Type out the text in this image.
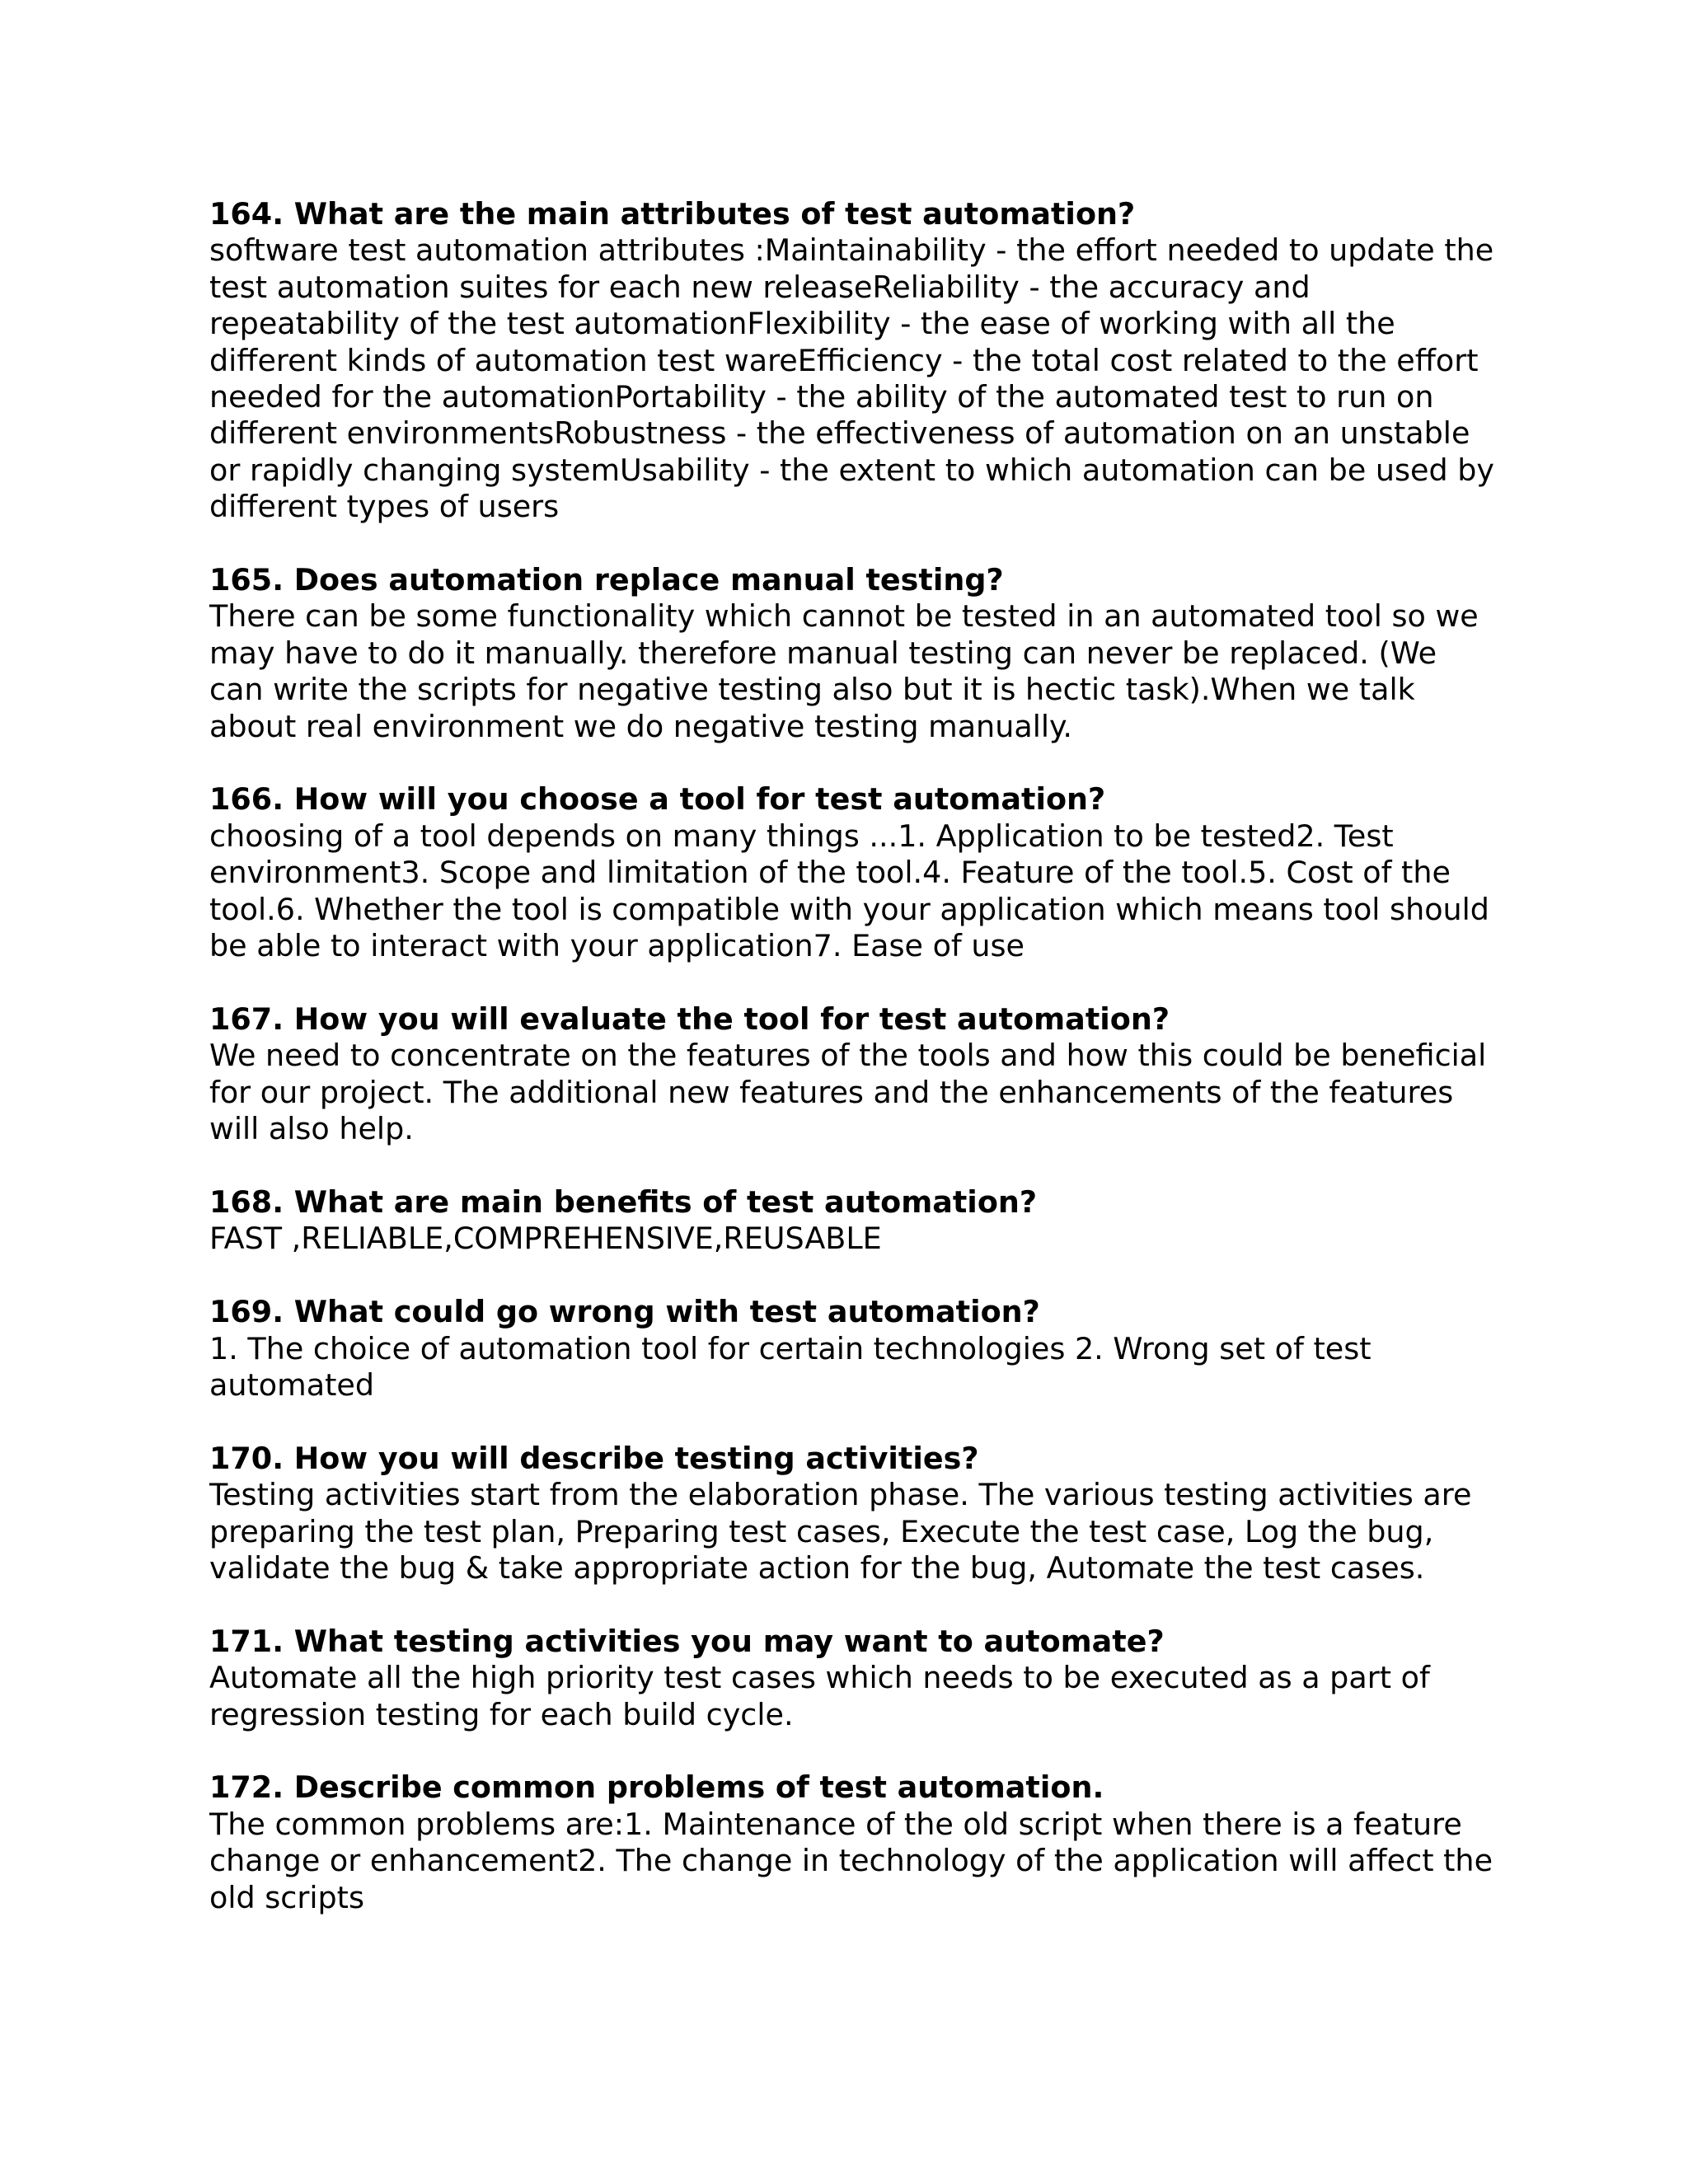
164. What are the main attributes of test automation?

software test automation attributes :Maintainability - the effort needed to update the test automation suites for each new releaseReliability - the accuracy and repeatability of the test automationFlexibility - the ease of working with all the different kinds of automation test wareEfficiency - the total cost related to the effort needed for the automationPortability - the ability of the automated test to run on different environmentsRobustness - the effectiveness of automation on an unstable or rapidly changing systemUsability - the extent to which automation can be used by different types of users

165. Does automation replace manual testing?

There can be some functionality which cannot be tested in an automated tool so we may have to do it manually. therefore manual testing can never be replaced. (We can write the scripts for negative testing also but it is hectic task).When we talk about real environment we do negative testing manually.

166. How will you choose a tool for test automation?

choosing of a tool depends on many things ...1. Application to be tested2. Test environment3. Scope and limitation of the tool.4. Feature of the tool.5. Cost of the tool.6. Whether the tool is compatible with your application which means tool should be able to interact with your application7. Ease of use

167. How you will evaluate the tool for test automation?

We need to concentrate on the features of the tools and how this could be beneficial for our project. The additional new features and the enhancements of the features will also help.

168. What are main benefits of test automation?

FAST ,RELIABLE,COMPREHENSIVE,REUSABLE

169. What could go wrong with test automation?

1. The choice of automation tool for certain technologies 2. Wrong set of test automated

170. How you will describe testing activities?

Testing activities start from the elaboration phase. The various testing activities are preparing the test plan, Preparing test cases, Execute the test case, Log the bug, validate the bug & take appropriate action for the bug, Automate the test cases.

171. What testing activities you may want to automate?

Automate all the high priority test cases which needs to be executed as a part of regression testing for each build cycle.

172. Describe common problems of test automation.

The common problems are:1. Maintenance of the old script when there is a feature change or enhancement2. The change in technology of the application will affect the old scripts
